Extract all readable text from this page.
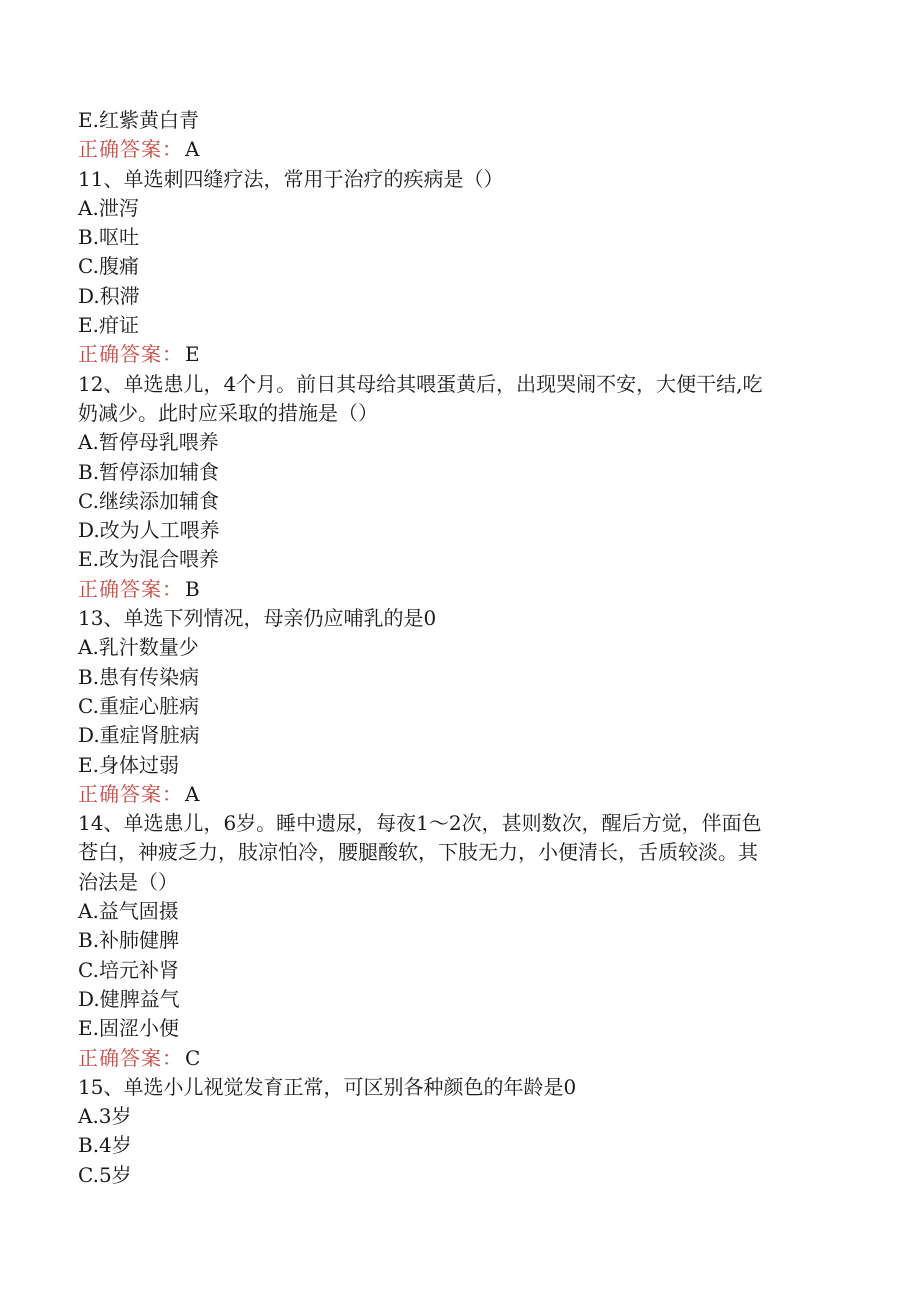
E.红紫黄白青
正确答案： A
11、单选刺四缝疗法，常用于治疗的疾病是（）
A.泄泻
B.呕吐
C.腹痛
D.积滞
E.疳证
正确答案： E
12、单选患儿，4个月。前日其母给其喂蛋黄后，出现哭闹不安，大便干结,吃
奶减少。此时应采取的措施是（）
A.暂停母乳喂养
B.暂停添加辅食
C.继续添加辅食
D.改为人工喂养
E.改为混合喂养
正确答案： B
13、单选下列情况，母亲仍应哺乳的是0
A.乳汁数量少
B.患有传染病
C.重症心脏病
D.重症肾脏病
E.身体过弱
正确答案： A
14、单选患儿，6岁。睡中遗尿，每夜1～2次，甚则数次，醒后方觉，伴面色
苍白，神疲乏力，肢凉怕冷，腰腿酸软，下肢无力，小便清长，舌质较淡。其
治法是（）
A.益气固摄
B.补肺健脾
C.培元补肾
D.健脾益气
E.固涩小便
正确答案： C
15、单选小儿视觉发育正常，可区别各种颜色的年龄是0
A.3岁
B.4岁
C.5岁
